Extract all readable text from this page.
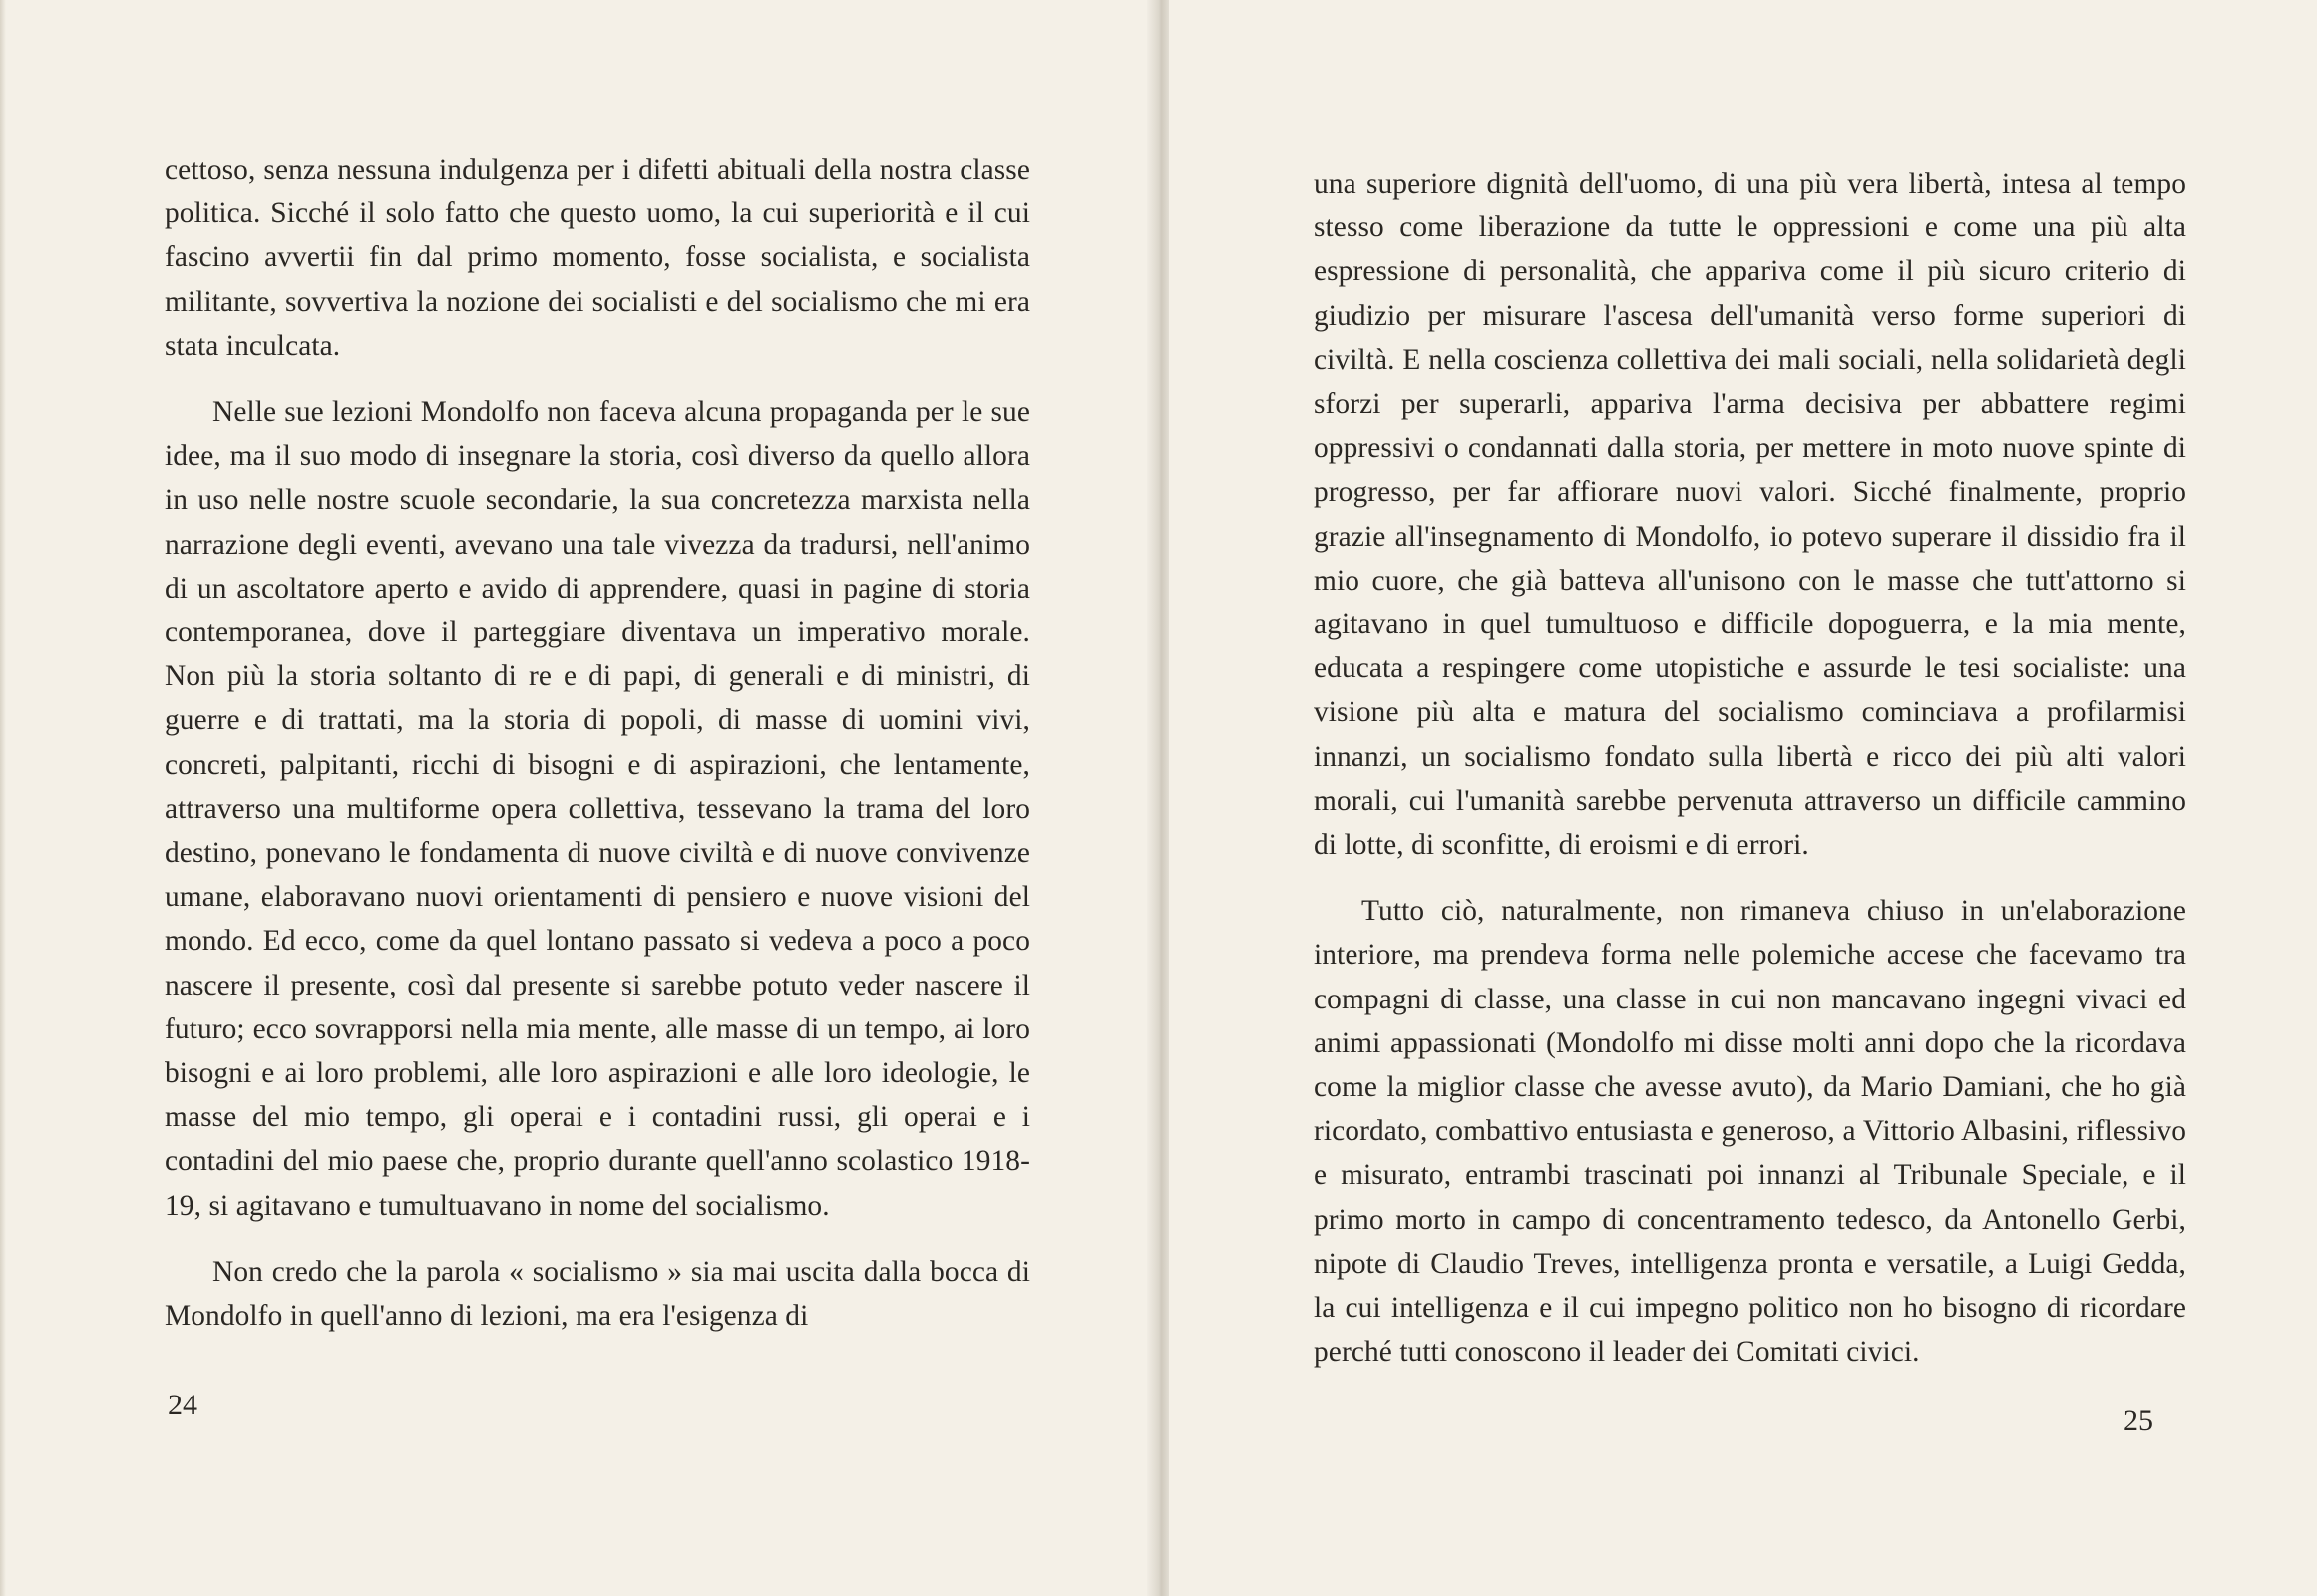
cettoso, senza nessuna indulgenza per i difetti abituali della nostra classe politica. Sicché il solo fatto che questo uomo, la cui superiorità e il cui fascino avvertii fin dal primo momento, fosse socialista, e socialista militante, sovvertiva la nozione dei socialisti e del socialismo che mi era stata inculcata.

Nelle sue lezioni Mondolfo non faceva alcuna propaganda per le sue idee, ma il suo modo di insegnare la storia, così diverso da quello allora in uso nelle nostre scuole secondarie, la sua concretezza marxista nella narrazione degli eventi, avevano una tale vivezza da tradursi, nell'animo di un ascoltatore aperto e avido di apprendere, quasi in pagine di storia contemporanea, dove il parteggiare diventava un imperativo morale. Non più la storia soltanto di re e di papi, di generali e di ministri, di guerre e di trattati, ma la storia di popoli, di masse di uomini vivi, concreti, palpitanti, ricchi di bisogni e di aspirazioni, che lentamente, attraverso una multiforme opera collettiva, tessevano la trama del loro destino, ponevano le fondamenta di nuove civiltà e di nuove convivenze umane, elaboravano nuovi orientamenti di pensiero e nuove visioni del mondo. Ed ecco, come da quel lontano passato si vedeva a poco a poco nascere il presente, così dal presente si sarebbe potuto veder nascere il futuro; ecco sovrapporsi nella mia mente, alle masse di un tempo, ai loro bisogni e ai loro problemi, alle loro aspirazioni e alle loro ideologie, le masse del mio tempo, gli operai e i contadini russi, gli operai e i contadini del mio paese che, proprio durante quell'anno scolastico 1918-19, si agitavano e tumultuavano in nome del socialismo.

Non credo che la parola « socialismo » sia mai uscita dalla bocca di Mondolfo in quell'anno di lezioni, ma era l'esigenza di

24

una superiore dignità dell'uomo, di una più vera libertà, intesa al tempo stesso come liberazione da tutte le oppressioni e come una più alta espressione di personalità, che appariva come il più sicuro criterio di giudizio per misurare l'ascesa dell'umanità verso forme superiori di civiltà. E nella coscienza collettiva dei mali sociali, nella solidarietà degli sforzi per superarli, appariva l'arma decisiva per abbattere regimi oppressivi o condannati dalla storia, per mettere in moto nuove spinte di progresso, per far affiorare nuovi valori. Sicché finalmente, proprio grazie all'insegnamento di Mondolfo, io potevo superare il dissidio fra il mio cuore, che già batteva all'unisono con le masse che tutt'attorno si agitavano in quel tumultuoso e difficile dopoguerra, e la mia mente, educata a respingere come utopistiche e assurde le tesi socialiste: una visione più alta e matura del socialismo cominciava a profilarmisi innanzi, un socialismo fondato sulla libertà e ricco dei più alti valori morali, cui l'umanità sarebbe pervenuta attraverso un difficile cammino di lotte, di sconfitte, di eroismi e di errori.

Tutto ciò, naturalmente, non rimaneva chiuso in un'elaborazione interiore, ma prendeva forma nelle polemiche accese che facevamo tra compagni di classe, una classe in cui non mancavano ingegni vivaci ed animi appassionati (Mondolfo mi disse molti anni dopo che la ricordava come la miglior classe che avesse avuto), da Mario Damiani, che ho già ricordato, combattivo entusiasta e generoso, a Vittorio Albasini, riflessivo e misurato, entrambi trascinati poi innanzi al Tribunale Speciale, e il primo morto in campo di concentramento tedesco, da Antonello Gerbi, nipote di Claudio Treves, intelligenza pronta e versatile, a Luigi Gedda, la cui intelligenza e il cui impegno politico non ho bisogno di ricordare perché tutti conoscono il leader dei Comitati civici.

25
